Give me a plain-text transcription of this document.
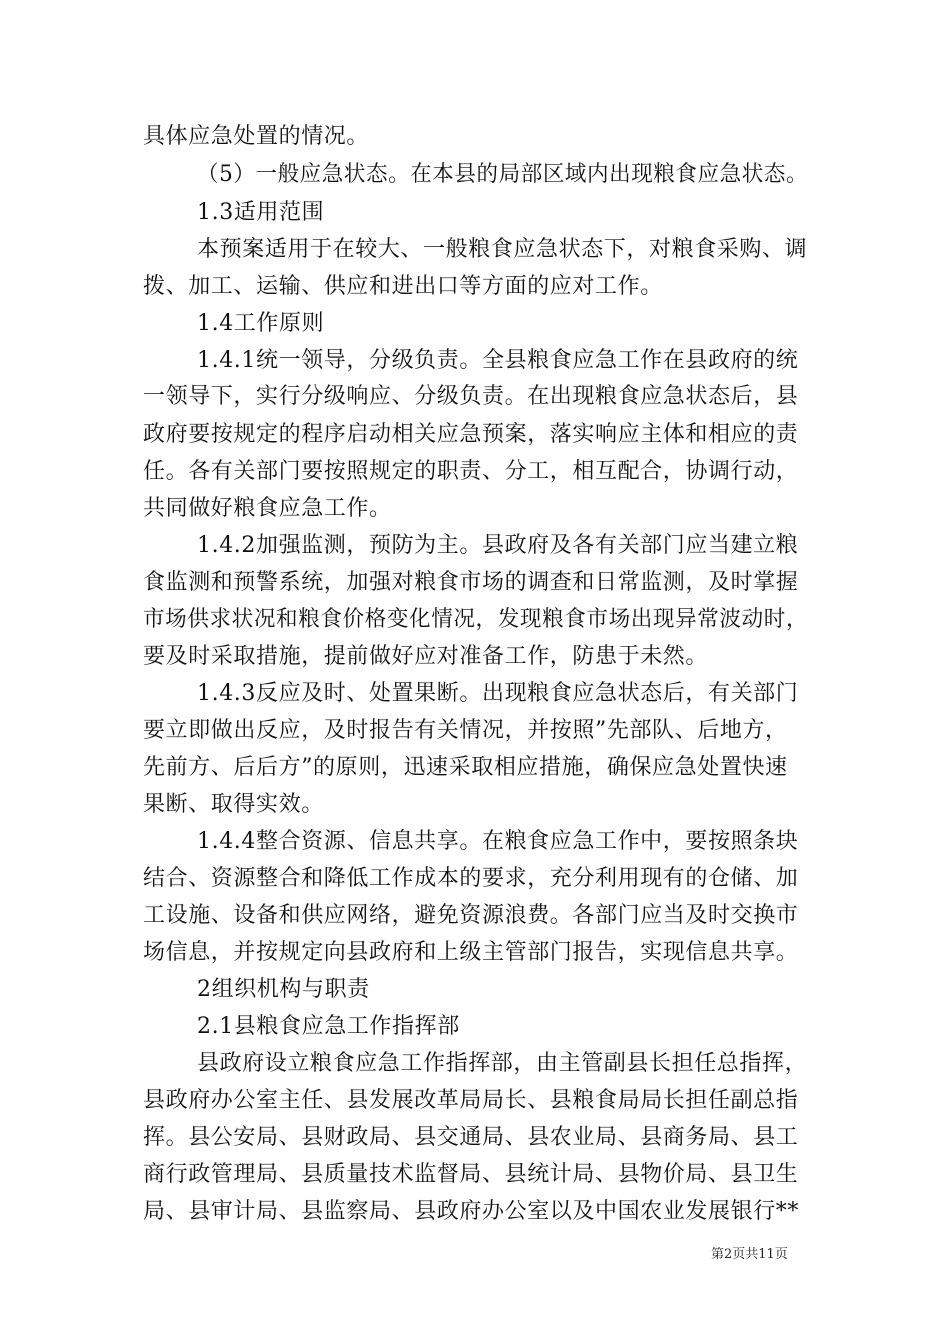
具体应急处置的情况。
（5）一般应急状态。在本县的局部区域内出现粮食应急状态。
1.3适用范围
本预案适用于在较大、一般粮食应急状态下，对粮食采购、调
拨、加工、运输、供应和进出口等方面的应对工作。
1.4工作原则
1.4.1统一领导，分级负责。全县粮食应急工作在县政府的统
一领导下，实行分级响应、分级负责。在出现粮食应急状态后，县
政府要按规定的程序启动相关应急预案，落实响应主体和相应的责
任。各有关部门要按照规定的职责、分工，相互配合，协调行动，
共同做好粮食应急工作。
1.4.2加强监测，预防为主。县政府及各有关部门应当建立粮
食监测和预警系统，加强对粮食市场的调查和日常监测，及时掌握
市场供求状况和粮食价格变化情况，发现粮食市场出现异常波动时，
要及时采取措施，提前做好应对准备工作，防患于未然。
1.4.3反应及时、处置果断。出现粮食应急状态后，有关部门
要立即做出反应，及时报告有关情况，并按照”先部队、后地方，
先前方、后后方”的原则，迅速采取相应措施，确保应急处置快速
果断、取得实效。
1.4.4整合资源、信息共享。在粮食应急工作中，要按照条块
结合、资源整合和降低工作成本的要求，充分利用现有的仓储、加
工设施、设备和供应网络，避免资源浪费。各部门应当及时交换市
场信息，并按规定向县政府和上级主管部门报告，实现信息共享。
2组织机构与职责
2.1县粮食应急工作指挥部
县政府设立粮食应急工作指挥部，由主管副县长担任总指挥，
县政府办公室主任、县发展改革局局长、县粮食局局长担任副总指
挥。县公安局、县财政局、县交通局、县农业局、县商务局、县工
商行政管理局、县质量技术监督局、县统计局、县物价局、县卫生
局、县审计局、县监察局、县政府办公室以及中国农业发展银行**
第2页共11页
